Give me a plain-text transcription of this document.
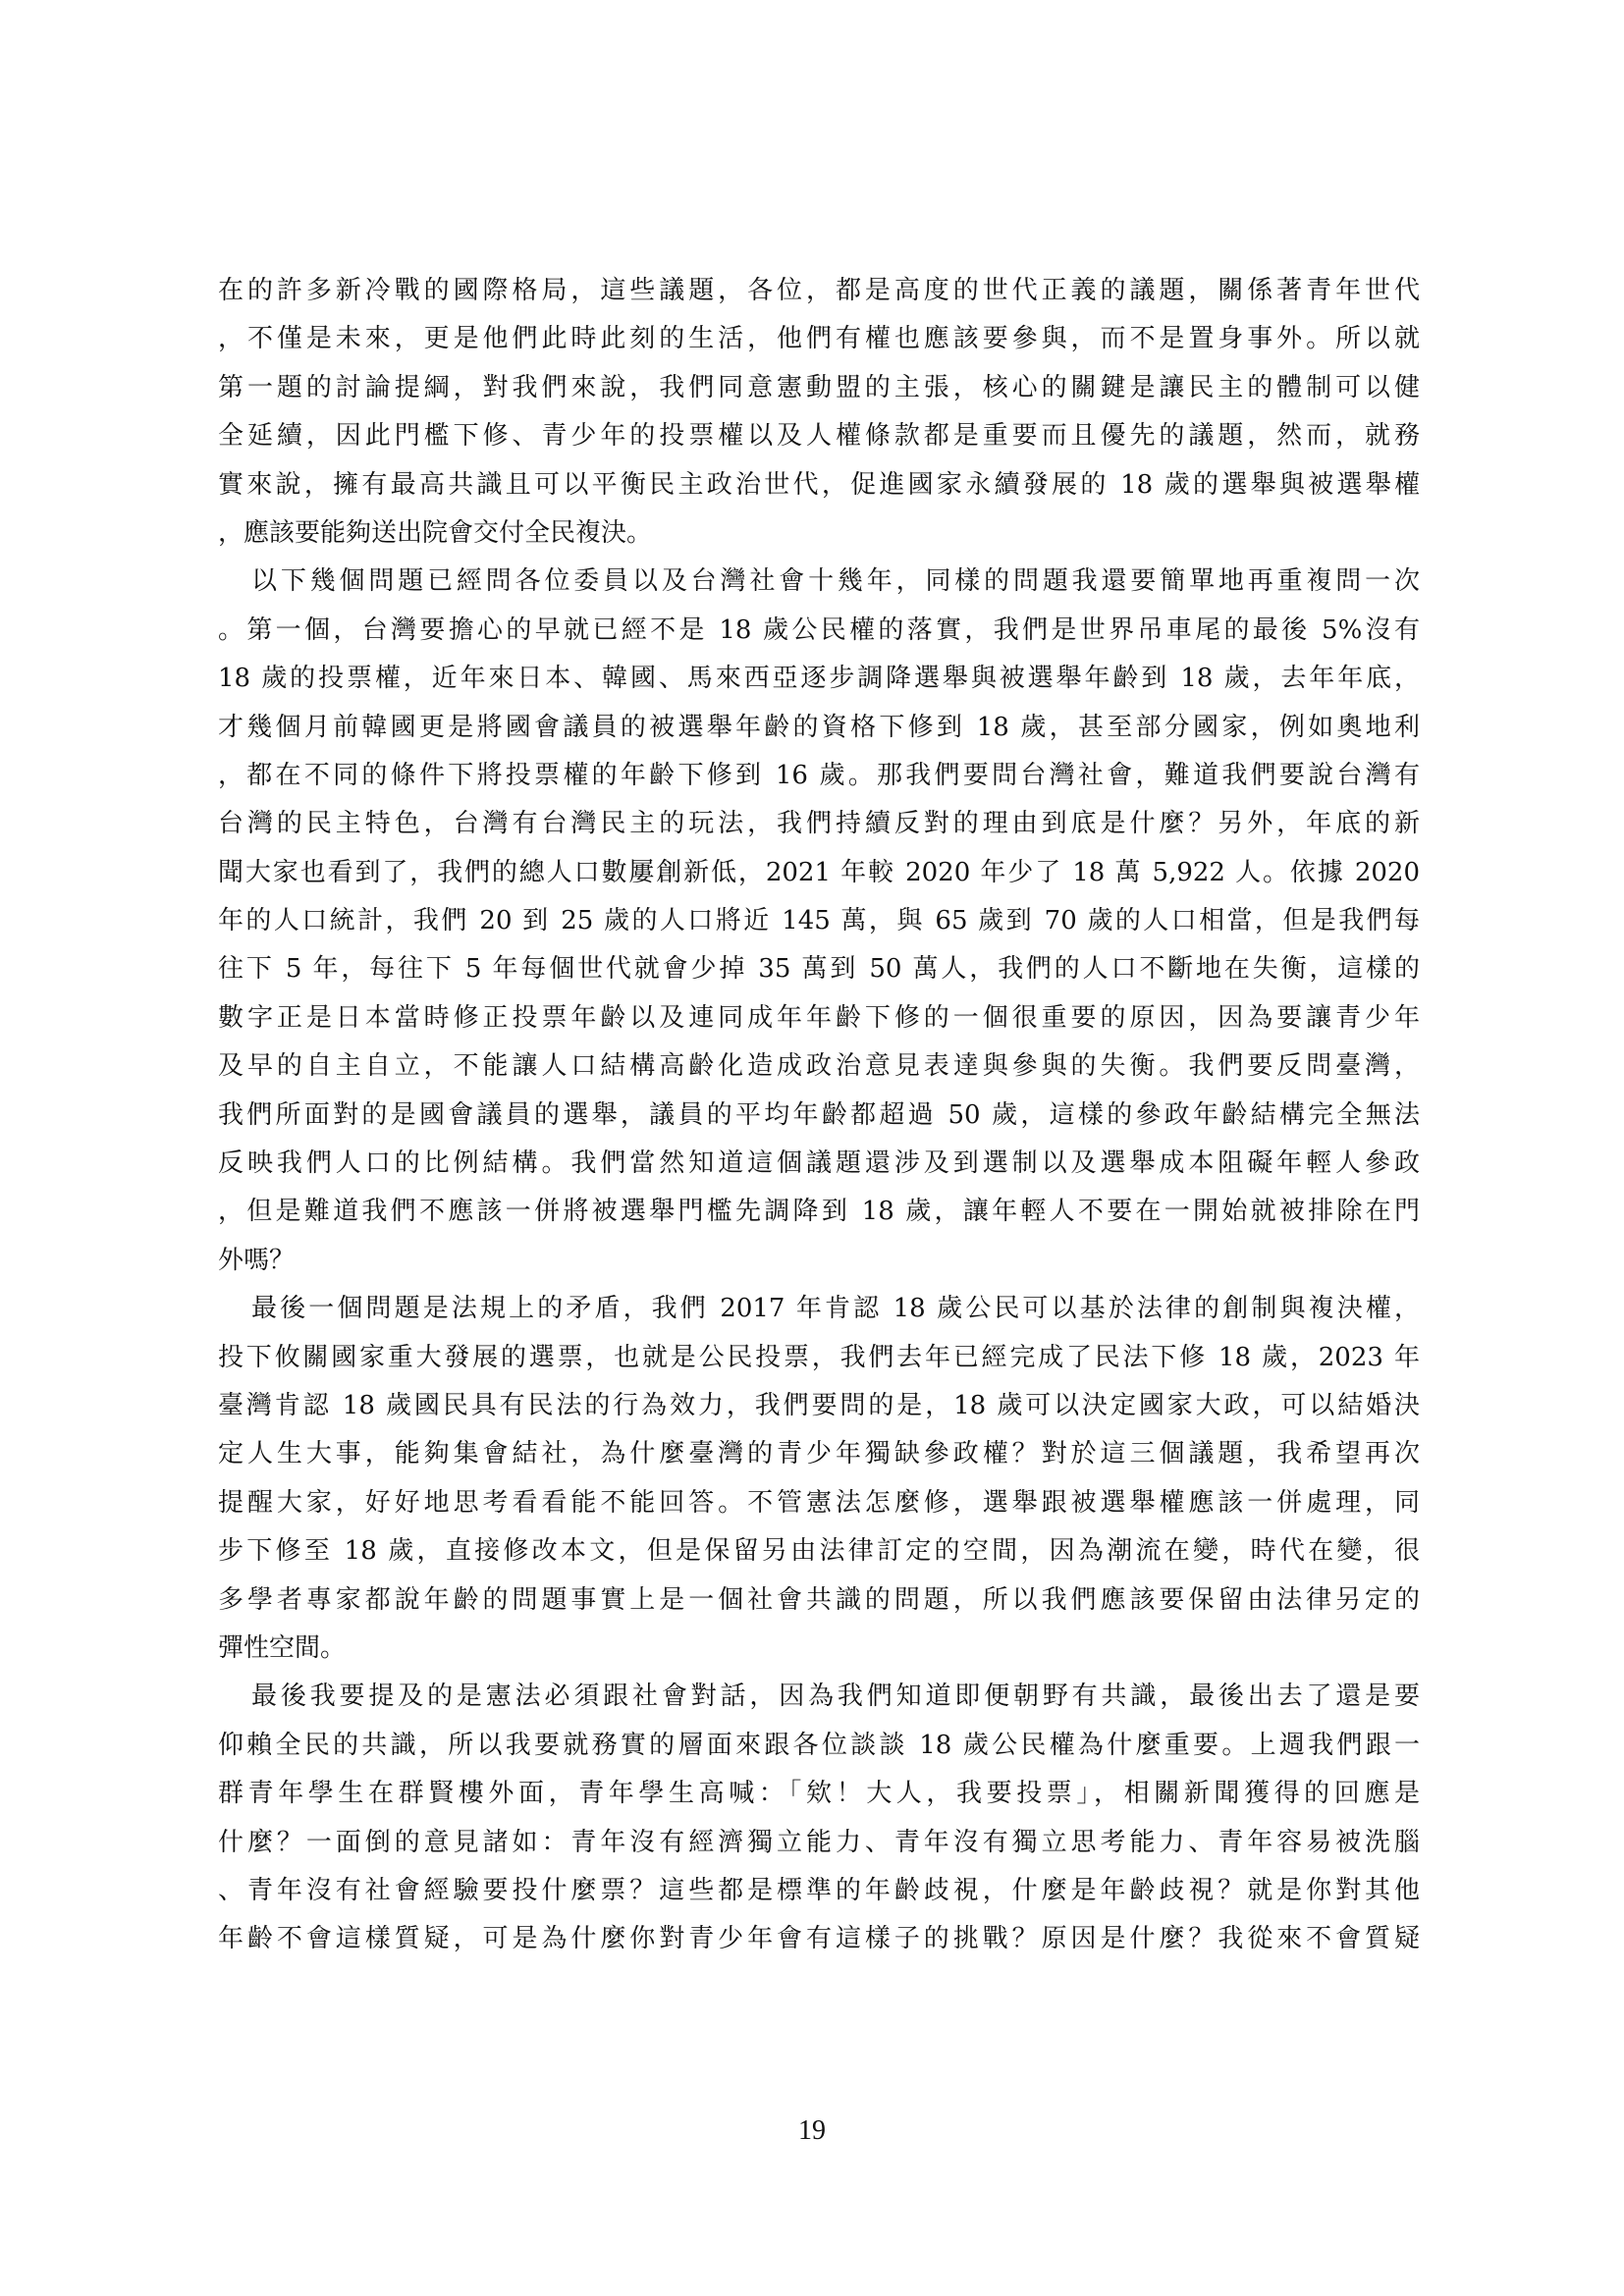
在的許多新冷戰的國際格局，這些議題，各位，都是高度的世代正義的議題，關係著青年世代
，不僅是未來，更是他們此時此刻的生活，他們有權也應該要參與，而不是置身事外。所以就
第一題的討論提綱，對我們來說，我們同意憲動盟的主張，核心的關鍵是讓民主的體制可以健
全延續，因此門檻下修、青少年的投票權以及人權條款都是重要而且優先的議題，然而，就務
實來說，擁有最高共識且可以平衡民主政治世代，促進國家永續發展的 18 歲的選舉與被選舉權
，應該要能夠送出院會交付全民複決。
以下幾個問題已經問各位委員以及台灣社會十幾年，同樣的問題我還要簡單地再重複問一次
。第一個，台灣要擔心的早就已經不是 18 歲公民權的落實，我們是世界吊車尾的最後 5%沒有
18 歲的投票權，近年來日本、韓國、馬來西亞逐步調降選舉與被選舉年齡到 18 歲，去年年底，
才幾個月前韓國更是將國會議員的被選舉年齡的資格下修到 18 歲，甚至部分國家，例如奧地利
，都在不同的條件下將投票權的年齡下修到 16 歲。那我們要問台灣社會，難道我們要說台灣有
台灣的民主特色，台灣有台灣民主的玩法，我們持續反對的理由到底是什麼？另外，年底的新
聞大家也看到了，我們的總人口數屢創新低，2021 年較 2020 年少了 18 萬 5,922 人。依據 2020
年的人口統計，我們 20 到 25 歲的人口將近 145 萬，與 65 歲到 70 歲的人口相當，但是我們每
往下 5 年，每往下 5 年每個世代就會少掉 35 萬到 50 萬人，我們的人口不斷地在失衡，這樣的
數字正是日本當時修正投票年齡以及連同成年年齡下修的一個很重要的原因，因為要讓青少年
及早的自主自立，不能讓人口結構高齡化造成政治意見表達與參與的失衡。我們要反問臺灣，
我們所面對的是國會議員的選舉，議員的平均年齡都超過 50 歲，這樣的參政年齡結構完全無法
反映我們人口的比例結構。我們當然知道這個議題還涉及到選制以及選舉成本阻礙年輕人參政
，但是難道我們不應該一併將被選舉門檻先調降到 18 歲，讓年輕人不要在一開始就被排除在門
外嗎？
最後一個問題是法規上的矛盾，我們 2017 年肯認 18 歲公民可以基於法律的創制與複決權，
投下攸關國家重大發展的選票，也就是公民投票，我們去年已經完成了民法下修 18 歲，2023 年
臺灣肯認 18 歲國民具有民法的行為效力，我們要問的是，18 歲可以決定國家大政，可以結婚決
定人生大事，能夠集會結社，為什麼臺灣的青少年獨缺參政權？對於這三個議題，我希望再次
提醒大家，好好地思考看看能不能回答。不管憲法怎麼修，選舉跟被選舉權應該一併處理，同
步下修至 18 歲，直接修改本文，但是保留另由法律訂定的空間，因為潮流在變，時代在變，很
多學者專家都說年齡的問題事實上是一個社會共識的問題，所以我們應該要保留由法律另定的
彈性空間。
最後我要提及的是憲法必須跟社會對話，因為我們知道即便朝野有共識，最後出去了還是要
仰賴全民的共識，所以我要就務實的層面來跟各位談談 18 歲公民權為什麼重要。上週我們跟一
群青年學生在群賢樓外面，青年學生高喊：「欸！大人，我要投票」，相關新聞獲得的回應是
什麼？一面倒的意見諸如：青年沒有經濟獨立能力、青年沒有獨立思考能力、青年容易被洗腦
、青年沒有社會經驗要投什麼票？這些都是標準的年齡歧視，什麼是年齡歧視？就是你對其他
年齡不會這樣質疑，可是為什麼你對青少年會有這樣子的挑戰？原因是什麼？我從來不會質疑
19
